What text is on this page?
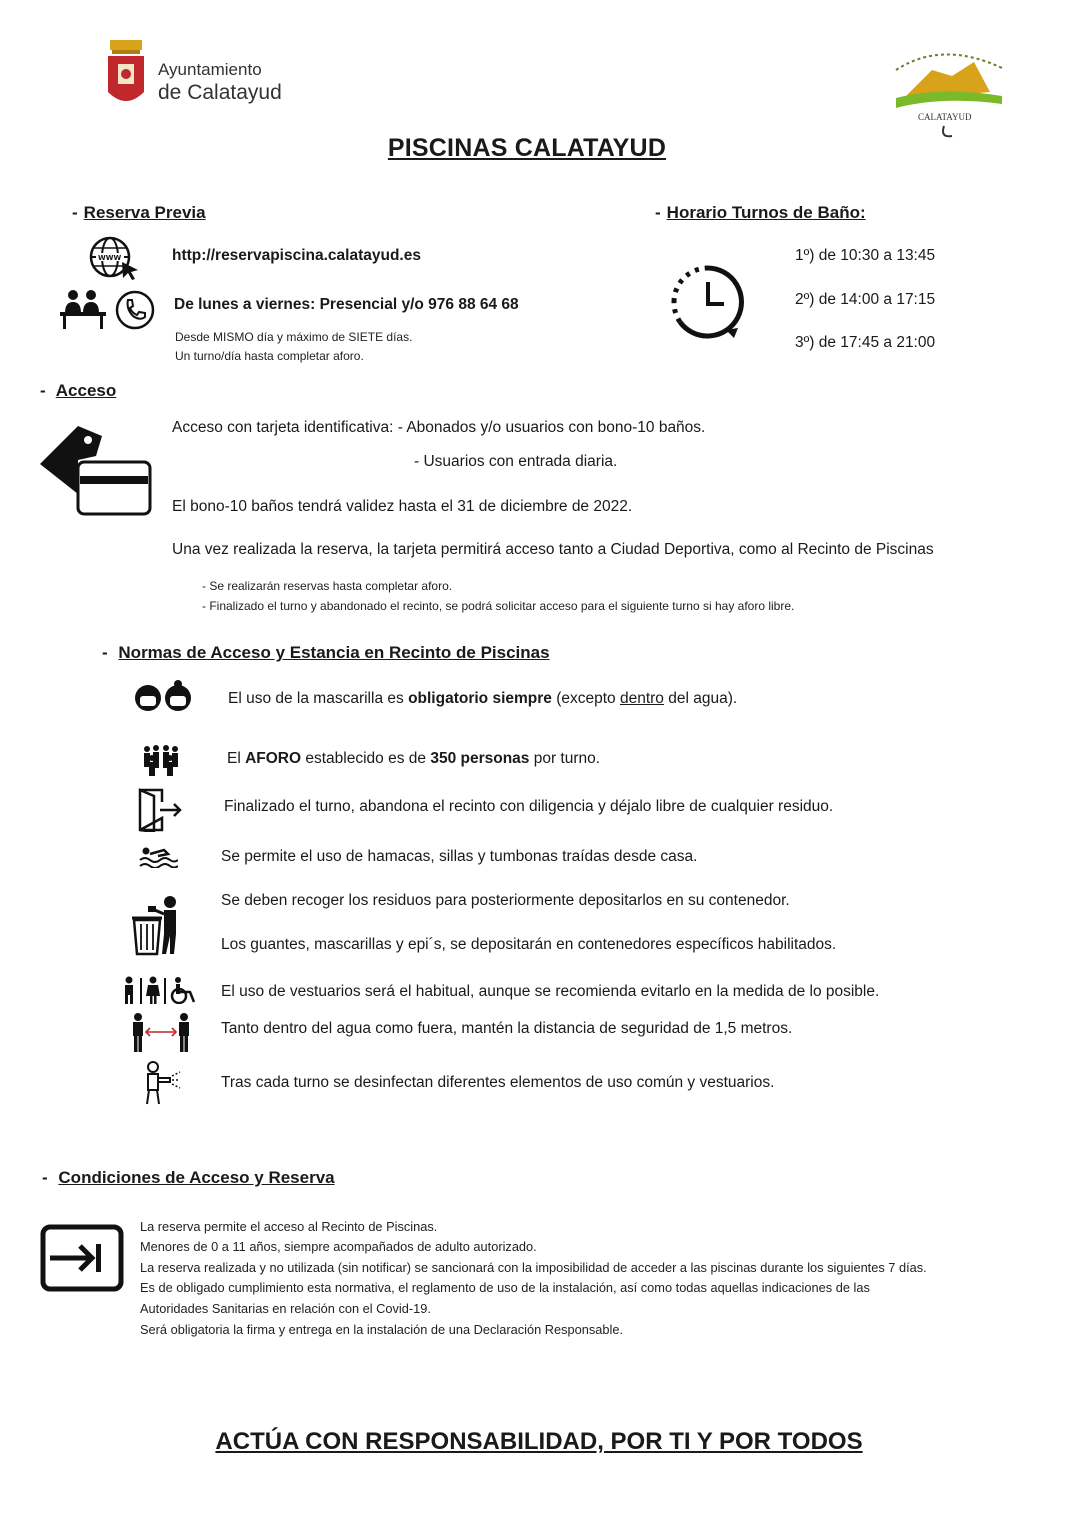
Ayuntamiento
de Calatayud
CALATAYUD
PISCINAS CALATAYUD
- Reserva Previa
WWW	http://reservapiscina.calatayud.es
De lunes a viernes: Presencial y/o 976 88 64 68
Desde MISMO día y máximo de SIETE días.
Un turno/día hasta completar aforo.
- Horario Turnos de Baño:
1º) de 10:30 a 13:45
2º) de 14:00 a 17:15
3º) de 17:45 a 21:00
- Acceso
Acceso con tarjeta identificativa: - Abonados y/o usuarios con bono-10 baños.
- Usuarios con entrada diaria.
El bono-10 baños tendrá validez hasta el 31 de diciembre de 2022.
Una vez realizada la reserva, la tarjeta permitirá acceso tanto a Ciudad Deportiva, como al Recinto de Piscinas
- Se realizarán reservas hasta completar aforo.
- Finalizado el turno y abandonado el recinto, se podrá solicitar acceso para el siguiente turno si hay aforo libre.
- Normas de Acceso y Estancia en Recinto de Piscinas
El uso de la mascarilla es obligatorio siempre (excepto dentro del agua).
El AFORO establecido es de 350 personas por turno.
Finalizado el turno, abandona el recinto con diligencia y déjalo libre de cualquier residuo.
Se permite el uso de hamacas, sillas y tumbonas traídas desde casa.
Se deben recoger los residuos para posteriormente depositarlos en su contenedor.
Los guantes, mascarillas y epi´s, se depositarán en contenedores específicos habilitados.
El uso de vestuarios será el habitual, aunque se recomienda evitarlo en la medida de lo posible.
Tanto dentro del agua como fuera, mantén la distancia de seguridad de 1,5 metros.
Tras cada turno se desinfectan diferentes elementos de uso común y vestuarios.
- Condiciones de Acceso y Reserva
La reserva permite el acceso al Recinto de Piscinas.
Menores de 0 a 11 años, siempre acompañados de adulto autorizado.
La reserva realizada y no utilizada (sin notificar) se sancionará con la imposibilidad de acceder a las piscinas durante los siguientes 7 días.
Es de obligado cumplimiento esta normativa, el reglamento de uso de la instalación, así como todas aquellas indicaciones de las
Autoridades Sanitarias en relación con el Covid-19.
Será obligatoria la firma y entrega en la instalación de una Declaración Responsable.
ACTÚA CON RESPONSABILIDAD, POR TI Y POR TODOS
